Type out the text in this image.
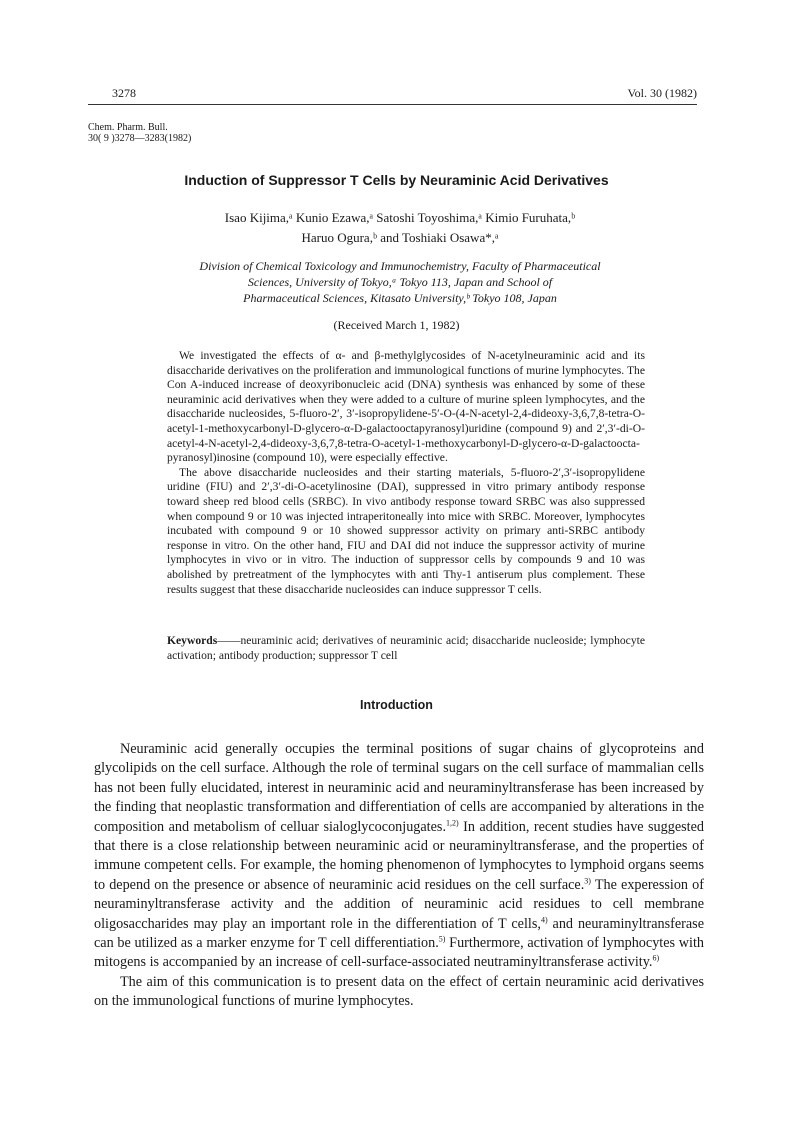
3278	Vol. 30 (1982)
Chem. Pharm. Bull.
30( 9 )3278—3283(1982)
Induction of Suppressor T Cells by Neuraminic Acid Derivatives
Isao Kijima,ᵃ Kunio Ezawa,ᵃ Satoshi Toyoshima,ᵃ Kimio Furuhata,ᵇ
Haruo Ogura,ᵇ and Toshiaki Osawa*,ᵃ
Division of Chemical Toxicology and Immunochemistry, Faculty of Pharmaceutical
Sciences, University of Tokyo,ᵃ Tokyo 113, Japan and School of
Pharmaceutical Sciences, Kitasato University,ᵇ Tokyo 108, Japan
(Received March 1, 1982)

We investigated the effects of α- and β-methylglycosides of N-acetylneuraminic acid and its disaccharide derivatives on the proliferation and immunological functions of murine lymphocytes. The Con A-induced increase of deoxyribonucleic acid (DNA) synthesis was enhanced by some of these neuraminic acid derivatives when they were added to a culture of murine spleen lymphocytes, and the disaccharide nucleosides, 5-fluoro-2′, 3′-isopropylidene-5′-O-(4-N-acetyl-2,4-dideoxy-3,6,7,8-tetra-O-acetyl-1-methoxycarbonyl-D-glycero-α-D-galactooctapyranosyl)uridine (compound 9) and 2′,3′-di-O-acetyl-4-N-acetyl-2,4-dideoxy-3,6,7,8-tetra-O-acetyl-1-methoxycarbonyl-D-glycero-α-D-galactoocta-pyranosyl)inosine (compound 10), were especially effective.

The above disaccharide nucleosides and their starting materials, 5-fluoro-2′,3′-isopropylidene uridine (FIU) and 2′,3′-di-O-acetylinosine (DAI), suppressed in vitro primary antibody response toward sheep red blood cells (SRBC). In vivo antibody response toward SRBC was also suppressed when compound 9 or 10 was injected intraperitoneally into mice with SRBC. Moreover, lymphocytes incubated with compound 9 or 10 showed suppressor activity on primary anti-SRBC antibody response in vitro. On the other hand, FIU and DAI did not induce the suppressor activity of murine lymphocytes in vivo or in vitro. The induction of suppressor cells by compounds 9 and 10 was abolished by pretreatment of the lymphocytes with anti Thy-1 antiserum plus complement. These results suggest that these disaccharide nucleosides can induce suppressor T cells.

Keywords——neuraminic acid; derivatives of neuraminic acid; disaccharide nucleoside; lymphocyte activation; antibody production; suppressor T cell
Introduction

Neuraminic acid generally occupies the terminal positions of sugar chains of glycoproteins and glycolipids on the cell surface. Although the role of terminal sugars on the cell surface of mammalian cells has not been fully elucidated, interest in neuraminic acid and neuraminyltransferase has been increased by the finding that neoplastic transformation and differentiation of cells are accompanied by alterations in the composition and metabolism of celluar sialoglycoconjugates.$^{1,2)}$ In addition, recent studies have suggested that there is a close relationship between neuraminic acid or neuraminyltransferase, and the properties of immune competent cells. For example, the homing phenomenon of lymphocytes to lymphoid organs seems to depend on the presence or absence of neuraminic acid residues on the cell surface.$^{3)}$ The experession of neuraminyltransferase activity and the addition of neuraminic acid residues to cell membrane oligosaccharides may play an important role in the differentiation of T cells,$^{4)}$ and neuraminyltransferase can be utilized as a marker enzyme for T cell differentiation.$^{5)}$ Furthermore, activation of lymphocytes with mitogens is accompanied by an increase of cell-surface-associated neutraminyltransferase activity.$^{6)}$

The aim of this communication is to present data on the effect of certain neuraminic acid derivatives on the immunological functions of murine lymphocytes.
